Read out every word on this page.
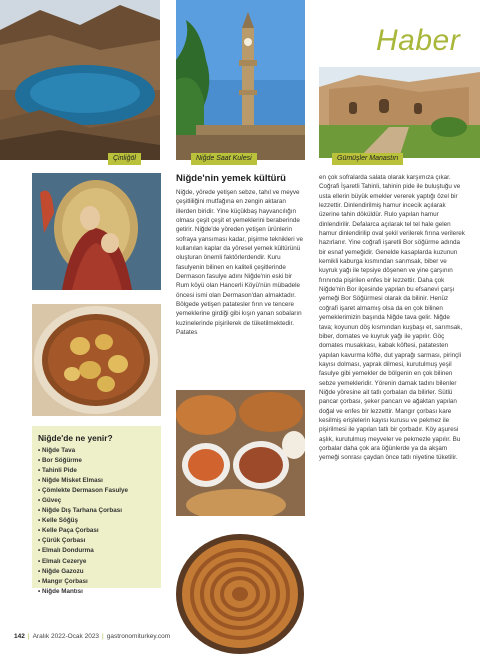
Haber
Çinliğöl	Niğde Saat Kulesi	Gümüşler Manastırı
Niğde'nin yemek kültürü

Niğde, yörede yetişen sebze, tahıl ve meyve çeşitliliğini mutfağına en zengin aktaran illerden biridir. Yine küçükbaş hayvancılığın olması çeşit çeşit et yemeklerini beraberinde getirir. Niğde'de yöreden yetişen ürünlerin sofraya yansıması kadar, pişirme teknikleri ve kullanılan kaplar da yöresel yemek kültürünü oluşturan önemli faktörlerdendir. Kuru fasulyenin bilinen en kaliteli çeşitlerinde Dermason fasulye adını Niğde'nin eski bir Rum köyü olan Hancerli Köyü'nün mübadele öncesi ismi olan Dermason'dan almaktadır. Bölgede yetişen patatesler fırın ve tencere yemeklerine girdiği gibi kışın yanan sobaların kuzinelerinde pişirilerek de tüketilmektedir. Patates

en çok sofralarda salata olarak karşımıza çıkar. Coğrafi İşaretli Tahinli, tahinin pide ile buluştuğu ve usta ellerin büyük emekler vererek yaptığı özel bir lezzettir. Dinlendirilmiş hamur incecik açılarak üzerine tahin döküldür. Rulo yapılan hamur dinlendirilir. Defalarca açılarak tel tel hale gelen hamur dinlendirilip oval şekil verilerek fırına verilerek hazırlanır. Yine coğrafi işaretli Bor söğürme adında bir esnaf yemeğidir. Genelde kasaplarda kuzunun kemikli kaburga kısmından sarımsak, biber ve kuyruk yağı ile tepsiye döşenen ve yine çarşının fırınında pişirilen enfes bir lezzettir. Daha çok Niğde'nin Bor ilçesinde yapılan bu efsanevi çarşı yemeği Bor Söğürmesi olarak da bilinir. Henüz coğrafi işaret almamış olsa da en çok bilinen yemeklerimizin başında Niğde tava gelir. Niğde tava; koyunun döş kısmından kuşbaşı et, sarımsak, biber, domates ve kuyruk yağı ile yapılır. Göç domates musakkası, kabak köftesi, patatesten yapılan kavurma köfte, dut yaprağı sarması, pirinçli kayısı dolması, yaprak dilmesi, kurutulmuş yeşil fasulye gibi yemekler de bölgenin en çok bilinen sebze yemekleridir. Yörenin damak tadını bilenler Niğde yöresine ait tatlı çorbaları da bilirler. Sütlü pancar çorbası, şeker pancarı ve ağaktan yapılan doğal ve enfes bir lezzettir. Mangır çorbası kare kesilmiş erişlelerin kayısı kurusu ve pekmez ile pişirilmesi ile yapılan tatlı bir çorbadır. Köy aşuresi aşlık, kurutulmuş meyveler ve pekmezle yapılır. Bu çorbalar daha çok ara öğünlerde ya da akşam yemeği sonrası çaydan önce tatlı niyetine tüketilir.

Niğde'de ne yenir?
• Niğde Tava
• Bor Söğürme
• Tahinli Pide
• Niğde Misket Elması
• Çömlekte Dermason Fasulye
• Güveç
• Niğde Dış Tarhana Çorbası
• Kelle Söğüş
• Kelle Paça Çorbası
• Çürük Çorbası
• Elmalı Dondurma
• Elmalı Cezerye
• Niğde Gazozu
• Mangır Çorbası
• Niğde Mantısı
142 | Aralık 2022-Ocak 2023 | gastronomiturkey.com
